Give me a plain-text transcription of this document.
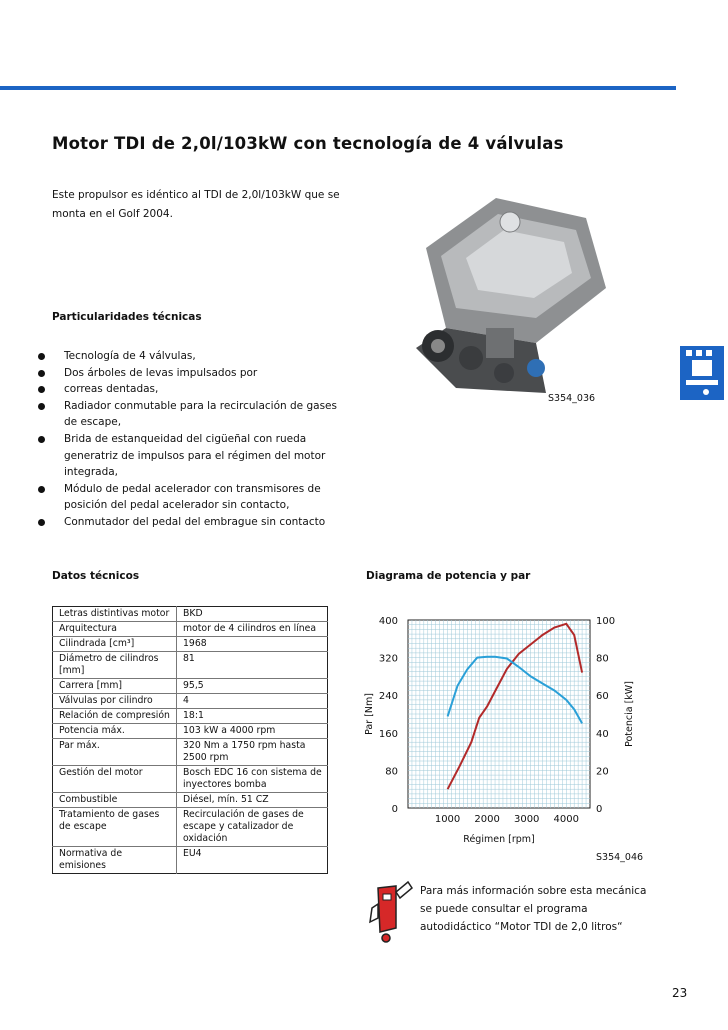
Motor TDI de 2,0l/103kW con tecnología de 4 válvulas
Este propulsor es idéntico al TDI de 2,0l/103kW que se monta en el Golf 2004.
S354_036
Particularidades técnicas
Tecnología de 4 válvulas,
Dos árboles de levas impulsados por
correas dentadas,
Radiador conmutable para la recirculación de gases de escape,
Brida de estanqueidad del cigüeñal con rueda generatriz de impulsos para el régimen del motor integrada,
Módulo de pedal acelerador con transmisores de posición del pedal acelerador sin contacto,
Conmutador del pedal del embrague sin contacto
Datos técnicos	Diagrama de potencia y par
Letras distintivas motor	BKD
Arquitectura	motor de 4 cilindros en línea
Cilindrada [cm³]	1968
Diámetro de cilindros [mm]	81
Carrera [mm]	95,5
Válvulas por cilindro	4
Relación de compresión	18:1
Potencia máx.	103 kW a 4000 rpm
Par máx.	320 Nm a 1750 rpm hasta 2500 rpm
Gestión del motor	Bosch EDC 16 con sistema de inyectores bomba
Combustible	Diésel, mín. 51 CZ
Tratamiento de gases de escape	Recirculación de gases de escape y catalizador de oxidación
Normativa de emisiones	EU4
0
80
160
240
320
400
0
20
40
60
80
100
1000 2000 3000 4000
Régimen [rpm]
Par [Nm]	Potencia [kW]
S354_046
Para más información sobre esta mecánica se puede consultar el programa autodidáctico “Motor TDI de 2,0 litros“
23
